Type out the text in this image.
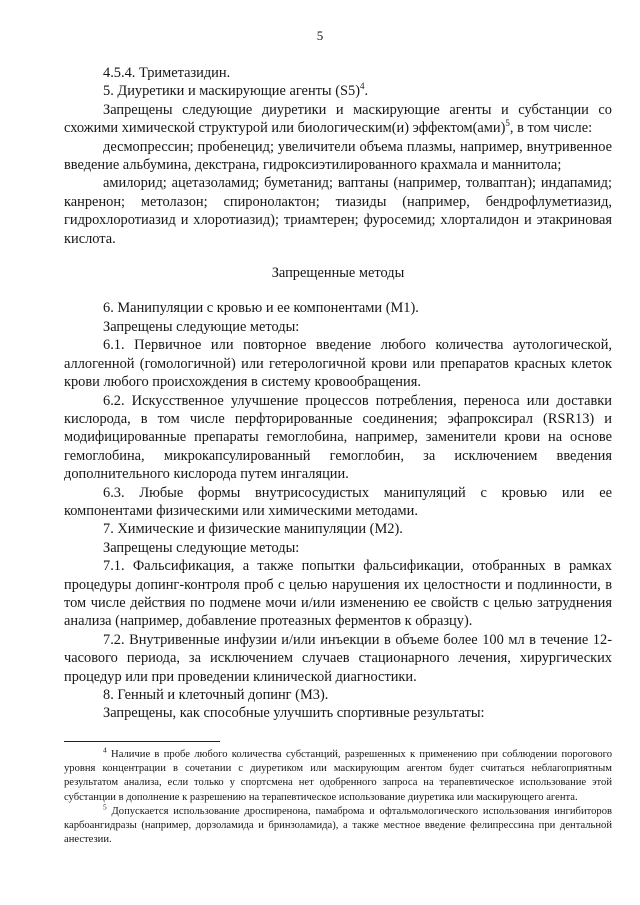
5

4.5.4. Триметазидин.

5. Диуретики и маскирующие агенты (S5)$^4$.

Запрещены следующие диуретики и маскирующие агенты и субстанции со схожими химической структурой или биологическим(и) эффектом(ами)$^5$, в том числе:

десмопрессин; пробенецид; увеличители объема плазмы, например, внутривенное введение альбумина, декстрана, гидроксиэтилированного крахмала и маннитола;

амилорид; ацетазоламид; буметанид; ваптаны (например, толваптан); индапамид; канренон; метолазон; спиронолактон; тиазиды (например, бендрофлуметиазид, гидрохлоротиазид и хлоротиазид); триамтерен; фуросемид; хлорталидон и этакриновая кислота.

Запрещенные методы

6. Манипуляции с кровью и ее компонентами (М1).

Запрещены следующие методы:

6.1. Первичное или повторное введение любого количества аутологической, аллогенной (гомологичной) или гетерологичной крови или препаратов красных клеток крови любого происхождения в систему кровообращения.

6.2. Искусственное улучшение процессов потребления, переноса или доставки кислорода, в том числе перфторированные соединения; эфапроксирал (RSR13) и модифицированные препараты гемоглобина, например, заменители крови на основе гемоглобина, микрокапсулированный гемоглобин, за исключением введения дополнительного кислорода путем ингаляции.

6.3. Любые формы внутрисосудистых манипуляций с кровью или ее компонентами физическими или химическими методами.

7. Химические и физические манипуляции (М2).

Запрещены следующие методы:

7.1. Фальсификация, а также попытки фальсификации, отобранных в рамках процедуры допинг-контроля проб с целью нарушения их целостности и подлинности, в том числе действия по подмене мочи и/или изменению ее свойств с целью затруднения анализа (например, добавление протеазных ферментов к образцу).

7.2. Внутривенные инфузии и/или инъекции в объеме более 100 мл в течение 12-часового периода, за исключением случаев стационарного лечения, хирургических процедур или при проведении клинической диагностики.

8. Генный и клеточный допинг (М3).

Запрещены, как способные улучшить спортивные результаты:

$^4$ Наличие в пробе любого количества субстанций, разрешенных к применению при соблюдении порогового уровня концентрации в сочетании с диуретиком или маскирующим агентом будет считаться неблагоприятным результатом анализа, если только у спортсмена нет одобренного запроса на терапевтическое использование этой субстанции в дополнение к разрешению на терапевтическое использование диуретика или маскирующего агента.

$^5$ Допускается использование дроспиренона, памаброма и офтальмологического использования ингибиторов карбоангидразы (например, дорзоламида и бринзоламида), а также местное введение фелипрессина при дентальной анестезии.
